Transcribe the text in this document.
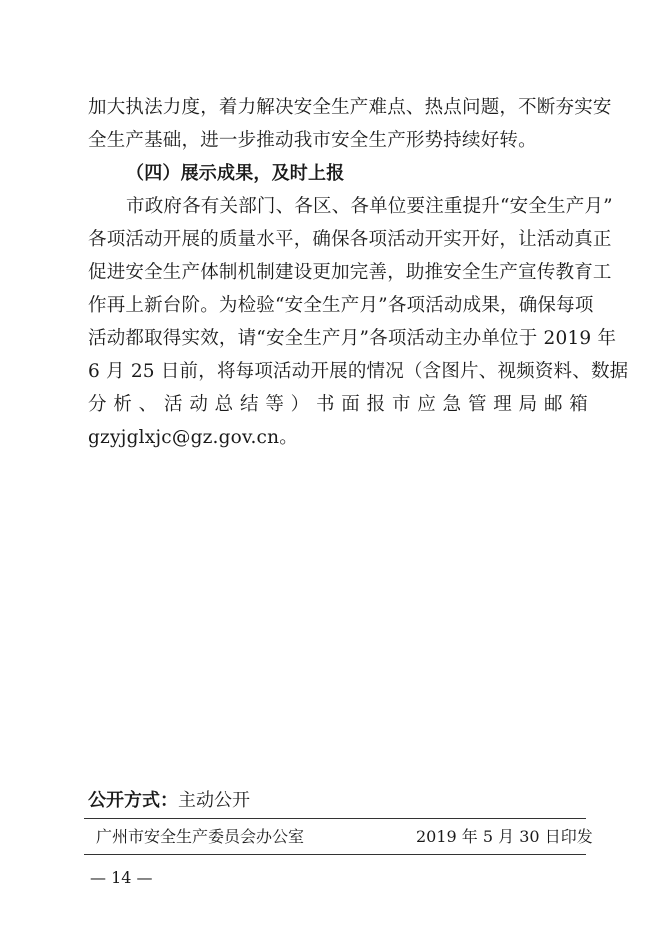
加大执法力度，着力解决安全生产难点、热点问题，不断夯实安
全生产基础，进一步推动我市安全生产形势持续好转。
（四）展示成果，及时上报
市政府各有关部门、各区、各单位要注重提升“安全生产月”
各项活动开展的质量水平，确保各项活动开实开好，让活动真正
促进安全生产体制机制建设更加完善，助推安全生产宣传教育工
作再上新台阶。为检验“安全生产月”各项活动成果，确保每项
活动都取得实效，请“安全生产月”各项活动主办单位于 2019 年
6 月 25 日前，将每项活动开展的情况（含图片、视频资料、数据
分析、活动总结等）书面报市应急管理局邮箱
gzyjglxjc@gz.gov.cn。
公开方式：主动公开
广州市安全生产委员会办公室	2019 年 5 月 30 日印发
— 14 —
